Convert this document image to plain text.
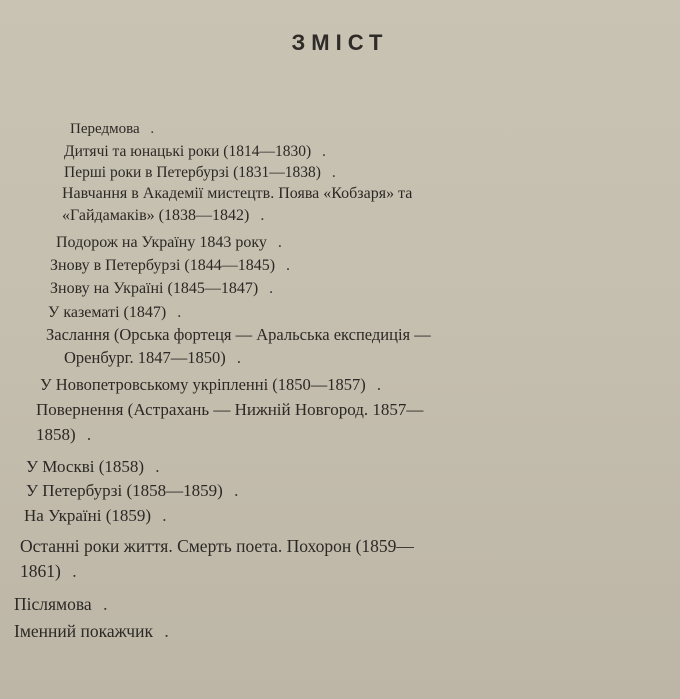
ЗМІСТ
Передмова .
Дитячі та юнацькі роки (1814—1830) .
Перші роки в Петербурзі (1831—1838) .
Навчання в Академії мистецтв. Поява «Кобзаря» та
«Гайдамаків» (1838—1842) .
Подорож на Україну 1843 року .
Знову в Петербурзі (1844—1845) .
Знову на Україні (1845—1847) .
У казематі (1847) .
Заслання (Орська фортеця — Аральська експедиція —
Оренбург. 1847—1850) .
У Новопетровському укріпленні (1850—1857) .
Повернення (Астрахань — Нижній Новгород. 1857—
1858) .
У Москві (1858) .
У Петербурзі (1858—1859) .
На Україні (1859) .
Останні роки життя. Смерть поета. Похорон (1859—
1861) .
Післямова .
Іменний покажчик .
